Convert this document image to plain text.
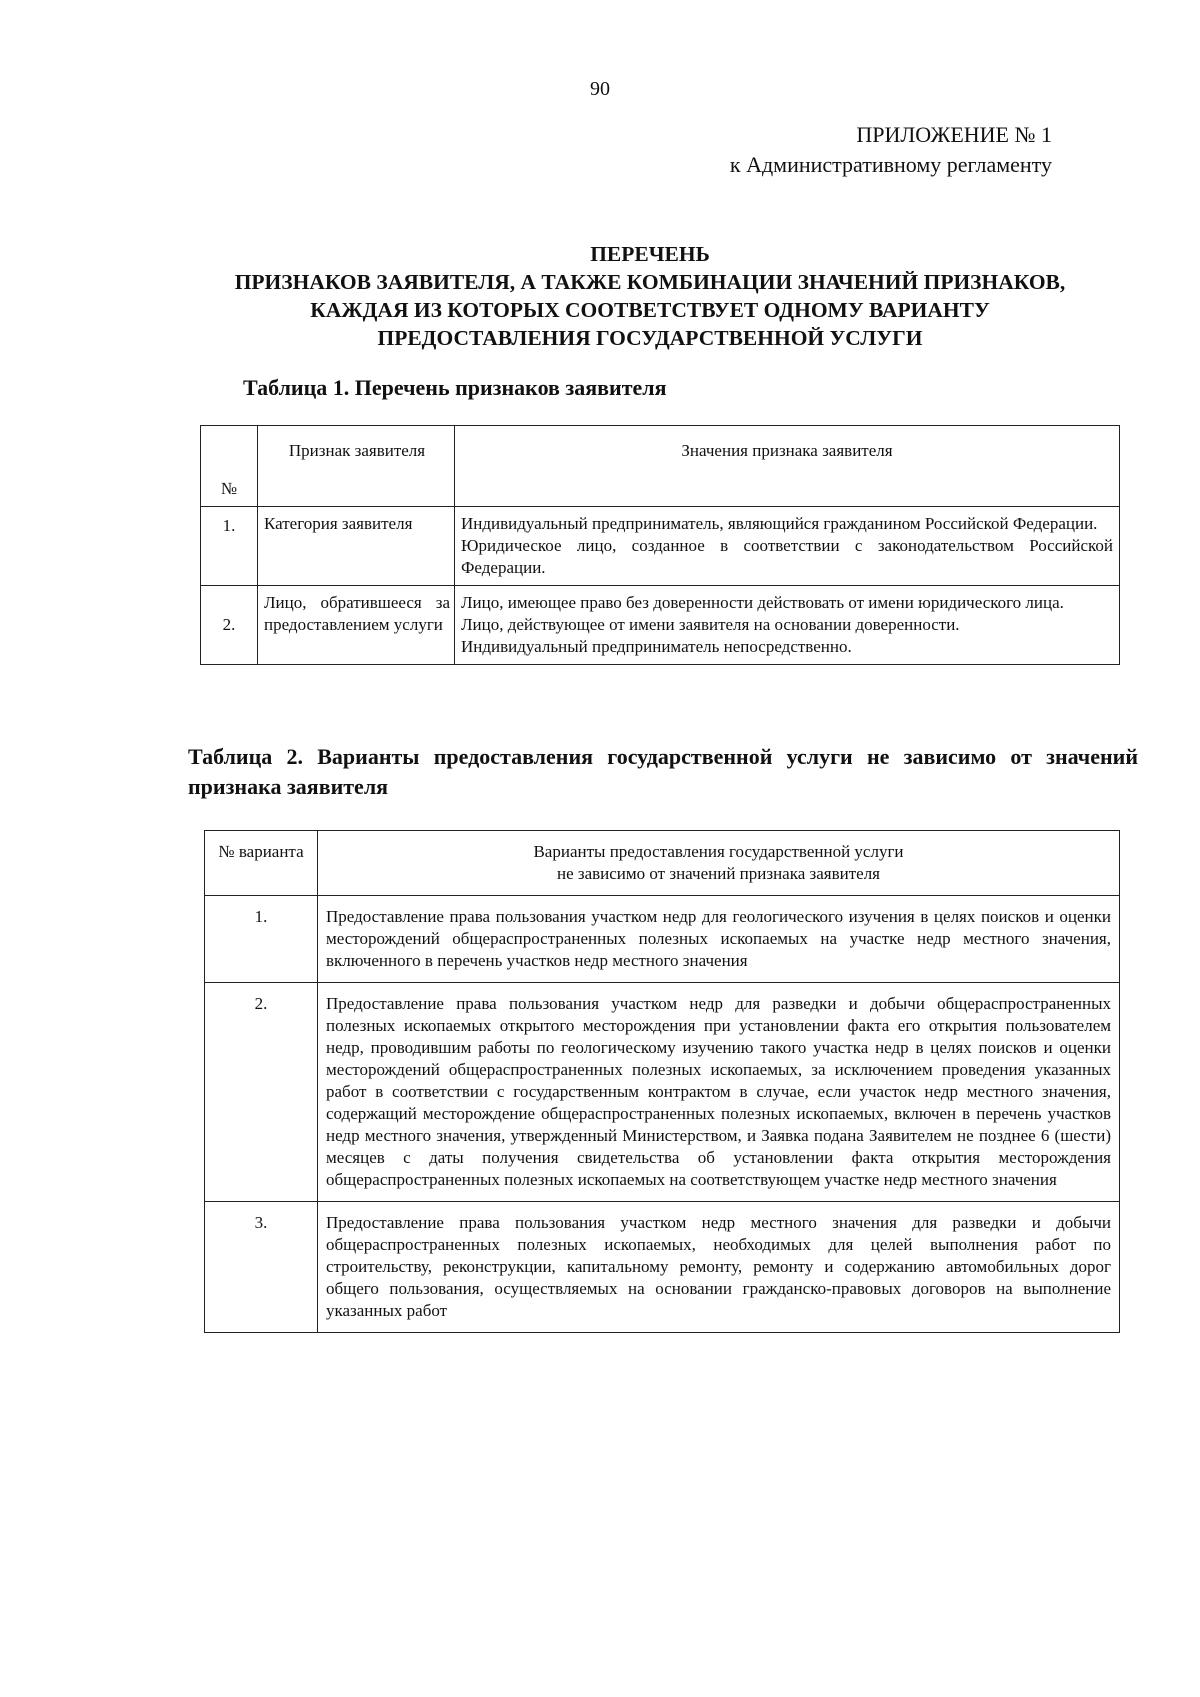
90
ПРИЛОЖЕНИЕ № 1
к Административному регламенту
ПЕРЕЧЕНЬ
ПРИЗНАКОВ ЗАЯВИТЕЛЯ, А ТАКЖЕ КОМБИНАЦИИ ЗНАЧЕНИЙ ПРИЗНАКОВ,
КАЖДАЯ ИЗ КОТОРЫХ СООТВЕТСТВУЕТ ОДНОМУ ВАРИАНТУ
ПРЕДОСТАВЛЕНИЯ ГОСУДАРСТВЕННОЙ УСЛУГИ
Таблица 1. Перечень признаков заявителя
№	Признак заявителя	Значения признака заявителя
1.	Категория заявителя	Индивидуальный предприниматель, являющийся гражданином Российской Федерации.
Юридическое лицо, созданное в соответствии с законодательством Российской Федерации.

2.	Лицо, обратившееся за предоставлением услуги	Лицо, имеющее право без доверенности действовать от имени юридического лица.
Лицо, действующее от имени заявителя на основании доверенности.
Индивидуальный предприниматель непосредственно.
Таблица 2. Варианты предоставления государственной услуги не зависимо от значений признака заявителя
№ варианта	Варианты предоставления государственной услуги
не зависимо от значений признака заявителя

1.	Предоставление права пользования участком недр для геологического изучения в целях поисков и оценки месторождений общераспространенных полезных ископаемых на участке недр местного значения, включенного в перечень участков недр местного значения
2.	Предоставление права пользования участком недр для разведки и добычи общераспространенных полезных ископаемых открытого месторождения при установлении факта его открытия пользователем недр, проводившим работы по геологическому изучению такого участка недр в целях поисков и оценки месторождений общераспространенных полезных ископаемых, за исключением проведения указанных работ в соответствии с государственным контрактом в случае, если участок недр местного значения, содержащий месторождение общераспространенных полезных ископаемых, включен в перечень участков недр местного значения, утвержденный Министерством, и Заявка подана Заявителем не позднее 6 (шести) месяцев с даты получения свидетельства об установлении факта открытия месторождения общераспространенных полезных ископаемых на соответствующем участке недр местного значения
3.	Предоставление права пользования участком недр местного значения для разведки и добычи общераспространенных полезных ископаемых, необходимых для целей выполнения работ по строительству, реконструкции, капитальному ремонту, ремонту и содержанию автомобильных дорог общего пользования, осуществляемых на основании гражданско-правовых договоров на выполнение указанных работ
